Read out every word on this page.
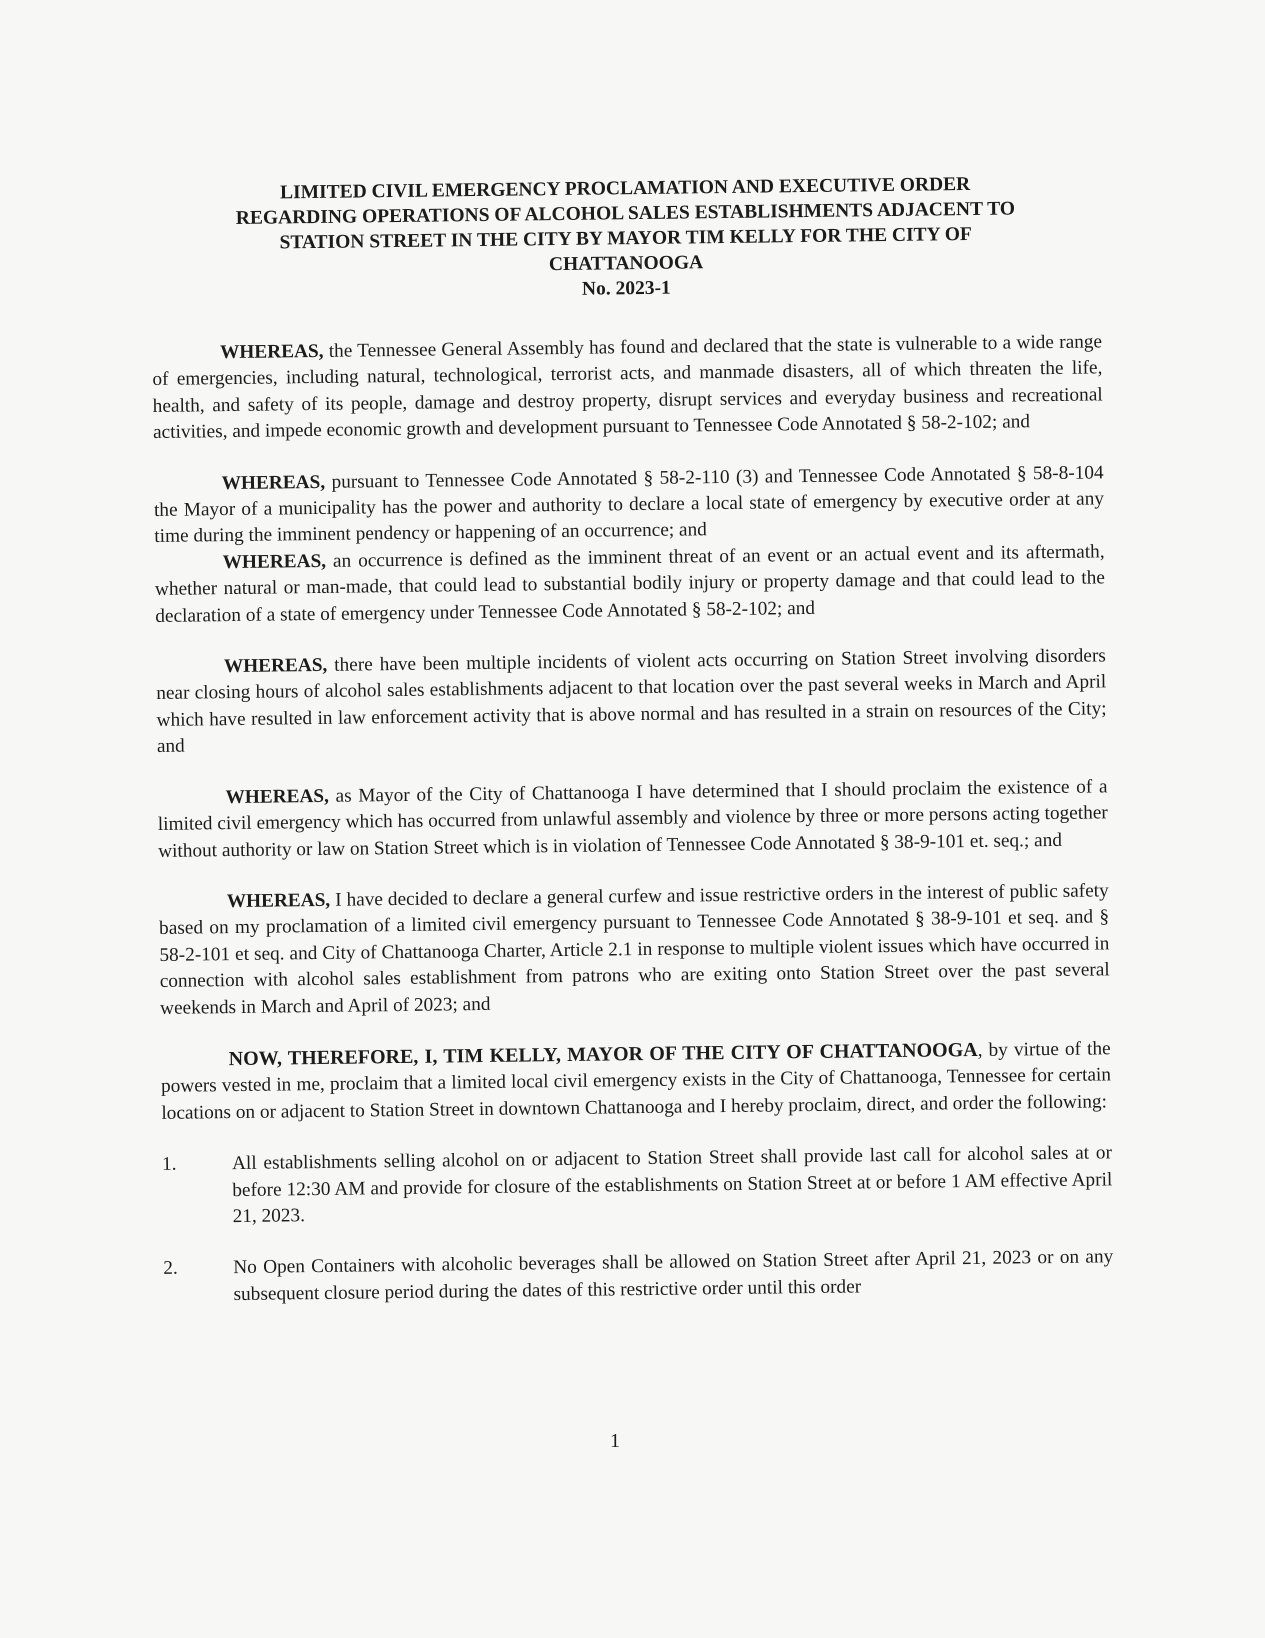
LIMITED CIVIL EMERGENCY PROCLAMATION AND EXECUTIVE ORDER
REGARDING OPERATIONS OF ALCOHOL SALES ESTABLISHMENTS ADJACENT TO
STATION STREET IN THE CITY BY MAYOR TIM KELLY FOR THE CITY OF
CHATTANOOGA
No. 2023-1

WHEREAS, the Tennessee General Assembly has found and declared that the state is vulnerable to a wide range of emergencies, including natural, technological, terrorist acts, and manmade disasters, all of which threaten the life, health, and safety of its people, damage and destroy property, disrupt services and everyday business and recreational activities, and impede economic growth and development pursuant to Tennessee Code Annotated § 58-2-102; and

WHEREAS, pursuant to Tennessee Code Annotated § 58-2-110 (3) and Tennessee Code Annotated § 58-8-104 the Mayor of a municipality has the power and authority to declare a local state of emergency by executive order at any time during the imminent pendency or happening of an occurrence; and

WHEREAS, an occurrence is defined as the imminent threat of an event or an actual event and its aftermath, whether natural or man-made, that could lead to substantial bodily injury or property damage and that could lead to the declaration of a state of emergency under Tennessee Code Annotated § 58-2-102; and

WHEREAS, there have been multiple incidents of violent acts occurring on Station Street involving disorders near closing hours of alcohol sales establishments adjacent to that location over the past several weeks in March and April which have resulted in law enforcement activity that is above normal and has resulted in a strain on resources of the City; and

WHEREAS, as Mayor of the City of Chattanooga I have determined that I should proclaim the existence of a limited civil emergency which has occurred from unlawful assembly and violence by three or more persons acting together without authority or law on Station Street which is in violation of Tennessee Code Annotated § 38-9-101 et. seq.; and

WHEREAS, I have decided to declare a general curfew and issue restrictive orders in the interest of public safety based on my proclamation of a limited civil emergency pursuant to Tennessee Code Annotated § 38-9-101 et seq. and § 58-2-101 et seq. and City of Chattanooga Charter, Article 2.1 in response to multiple violent issues which have occurred in connection with alcohol sales establishment from patrons who are exiting onto Station Street over the past several weekends in March and April of 2023; and

NOW, THEREFORE, I, TIM KELLY, MAYOR OF THE CITY OF CHATTANOOGA, by virtue of the powers vested in me, proclaim that a limited local civil emergency exists in the City of Chattanooga, Tennessee for certain locations on or adjacent to Station Street in downtown Chattanooga and I hereby proclaim, direct, and order the following:

1.	All establishments selling alcohol on or adjacent to Station Street shall provide last call for alcohol sales at or before 12:30 AM and provide for closure of the establishments on Station Street at or before 1 AM effective April 21, 2023.
2.	No Open Containers with alcoholic beverages shall be allowed on Station Street after April 21, 2023 or on any subsequent closure period during the dates of this restrictive order until this order
1
